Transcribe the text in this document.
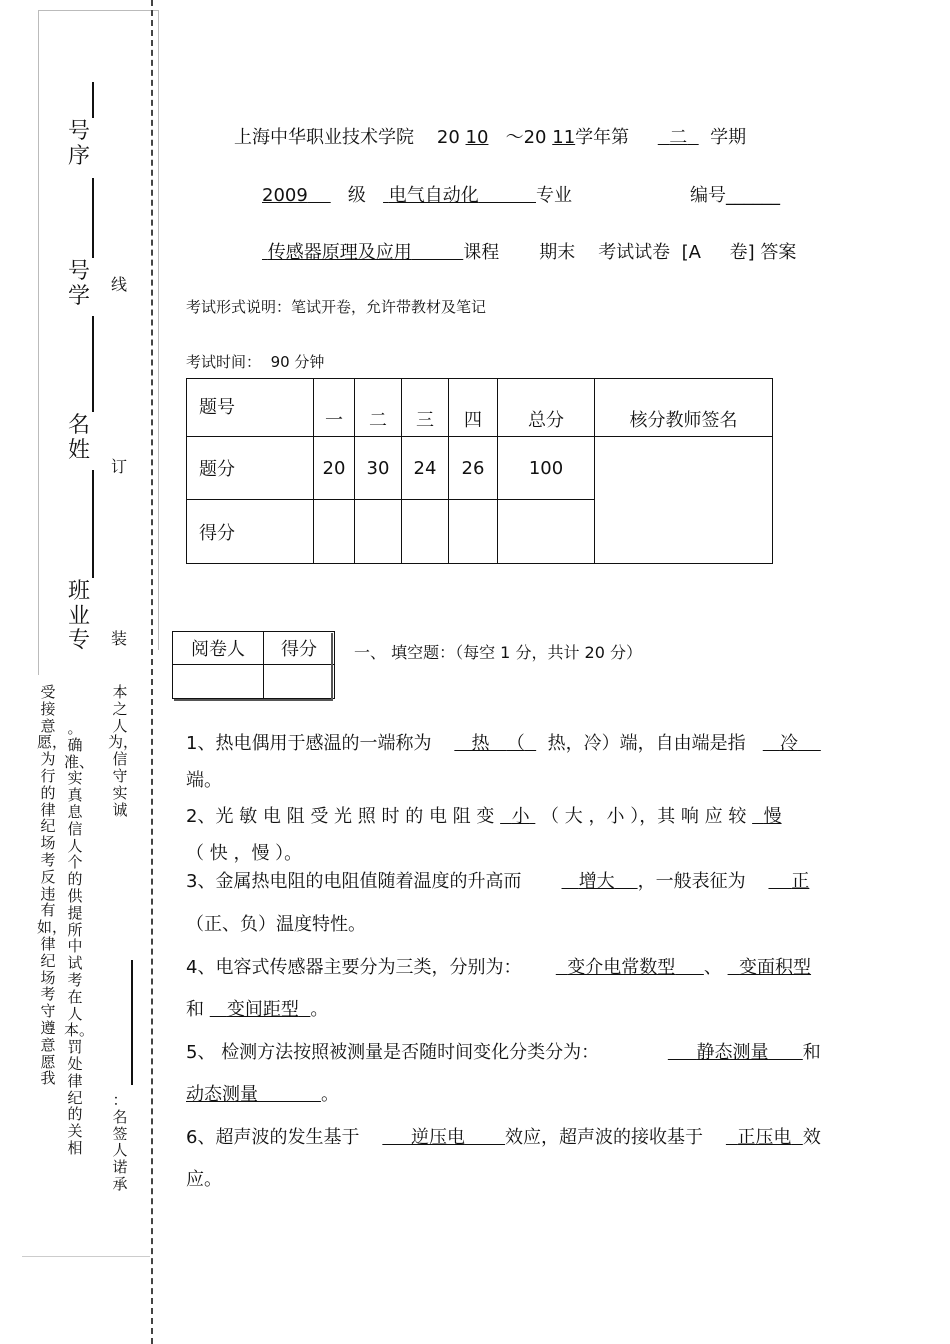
号序
号学
名姓
班业专
线
订
装
本之人为，信守实诚
：名签人诺承
受接意愿，为行的律纪场考反违有如，律纪场考守遵意愿我
。确准、实真息信人个的供提所中试考在人本。罚处律纪的关相
上海中华职业技术学院 20 10 ～20 11学年第 二 学期
2009 级 电气自动化	专业	编号______
传感器原理及应用	课程 期末 考试试卷 [A 卷] 答案
考试形式说明：笔试开卷，允许带教材及笔记
考试时间： 90 分钟
题号	一	二	三	四	总分	核分教师签名
题分	20	30	24	26	100	
得分						
阅卷人	得分
	一、 填空题：（每空 1 分，共计 20 分）
1、热电偶用于感温的一端称为 热 （ 热，冷）端，自由端是指 冷
端。
2、光 敏 电 阻 受 光 照 时 的 电 阻 变 小 （ 大 ，小 ），其 响 应 较 慢
（ 快 ，慢 ）。
3、金属热电阻的电阻值随着温度的升高而	增大 ，一般表征为	正
（正、负）温度特性。
4、电容式传感器主要分为三类，分别为：	变介电常数型 、 变面积型
和 变间距型 。
5、 检测方法按照被测量是否随时间变化分类分为：	静态测量 和
动态测量	。
6、超声波的发生基于	逆压电 效应，超声波的接收基于 正压电 效
应。
